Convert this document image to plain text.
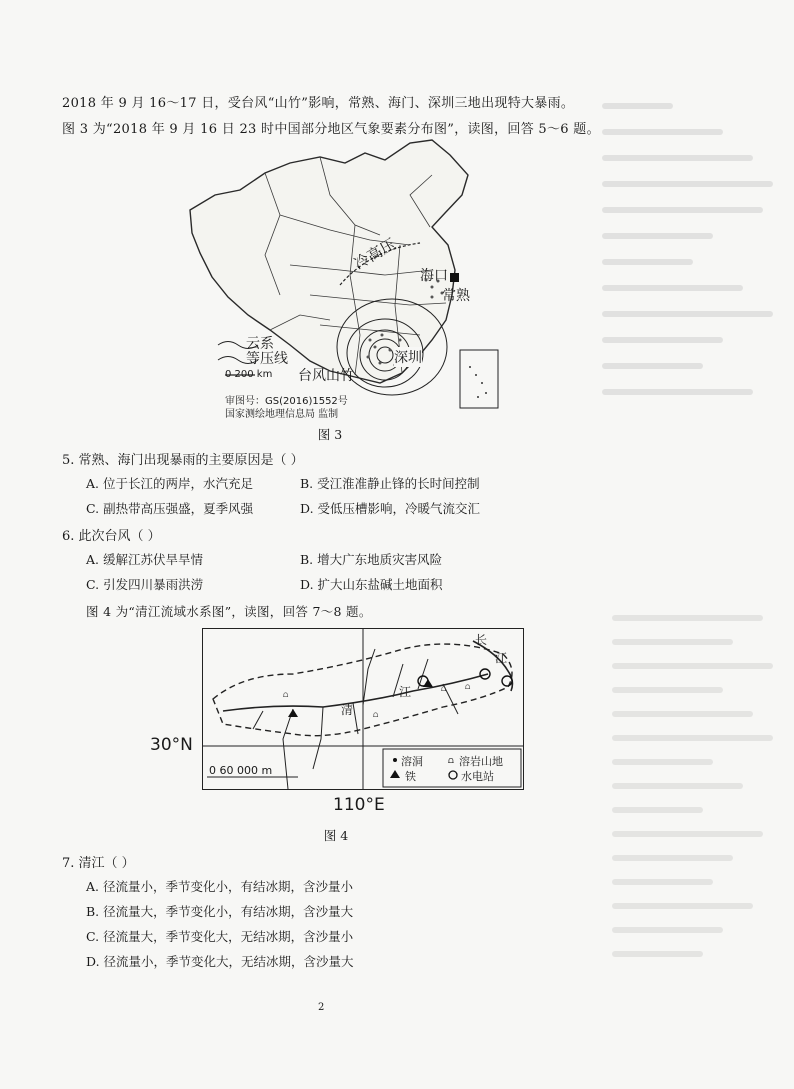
2018 年 9 月 16～17 日，受台风“山竹”影响，常熟、海门、深圳三地出现特大暴雨。
图 3 为“2018 年 9 月 16 日 23 时中国部分地区气象要素分布图”，读图，回答 5～6 题。
冷高压
海口
常熟
深圳
云系
等压线
台风山竹
0 200 km
审图号：GS(2016)1552号
国家测绘地理信息局 监制
图 3
5. 常熟、海门出现暴雨的主要原因是（ ）
A. 位于长江的两岸，水汽充足	B. 受江淮准静止锋的长时间控制
C. 副热带高压强盛，夏季风强	D. 受低压槽影响，冷暖气流交汇
6. 此次台风（ ）
A. 缓解江苏伏旱旱情	B. 增大广东地质灾害风险
C. 引发四川暴雨洪涝	D. 扩大山东盐碱土地面积
图 4 为“清江流域水系图”，读图，回答 7～8 题。
⩍
⩍
⩍ ⩍
⩍
清
江
长
江
0 60 000 m
溶洞	溶岩山地
铁	水电站
30°N
110°E
图 4
7. 清江（ ）
A. 径流量小，季节变化小，有结冰期，含沙量小
B. 径流量大，季节变化小，有结冰期，含沙量大
C. 径流量大，季节变化大，无结冰期，含沙量小
D. 径流量小，季节变化大，无结冰期，含沙量大
2
